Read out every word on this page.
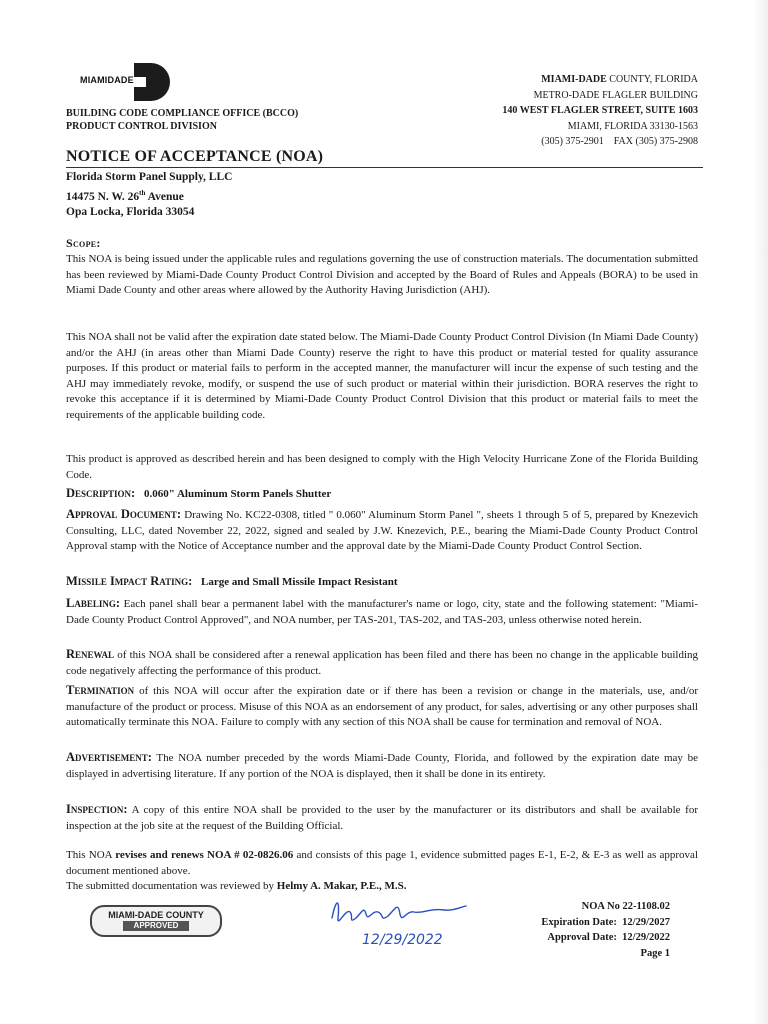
MIAMIDADE
BUILDING CODE COMPLIANCE OFFICE (BCCO)
PRODUCT CONTROL DIVISION
MIAMI-DADE COUNTY, FLORIDA
METRO-DADE FLAGLER BUILDING
140 WEST FLAGLER STREET, SUITE 1603
MIAMI, FLORIDA 33130-1563
(305) 375-2901    FAX (305) 375-2908
NOTICE OF ACCEPTANCE (NOA)
Florida Storm Panel Supply, LLC
14475 N. W. 26th Avenue
Opa Locka, Florida 33054
Scope:
This NOA is being issued under the applicable rules and regulations governing the use of construction materials. The documentation submitted has been reviewed by Miami-Dade County Product Control Division and accepted by the Board of Rules and Appeals (BORA) to be used in Miami Dade County and other areas where allowed by the Authority Having Jurisdiction (AHJ).
This NOA shall not be valid after the expiration date stated below. The Miami-Dade County Product Control Division (In Miami Dade County) and/or the AHJ (in areas other than Miami Dade County) reserve the right to have this product or material tested for quality assurance purposes. If this product or material fails to perform in the accepted manner, the manufacturer will incur the expense of such testing and the AHJ may immediately revoke, modify, or suspend the use of such product or material within their jurisdiction. BORA reserves the right to revoke this acceptance if it is determined by Miami-Dade County Product Control Division that this product or material fails to meet the requirements of the applicable building code.
This product is approved as described herein and has been designed to comply with the High Velocity Hurricane Zone of the Florida Building Code.
Description: 0.060" Aluminum Storm Panels Shutter
Approval Document: Drawing No. KC22-0308, titled " 0.060" Aluminum Storm Panel ", sheets 1 through 5 of 5, prepared by Knezevich Consulting, LLC, dated November 22, 2022, signed and sealed by J.W. Knezevich, P.E., bearing the Miami-Dade County Product Control Approval stamp with the Notice of Acceptance number and the approval date by the Miami-Dade County Product Control Section.
Missile Impact Rating: Large and Small Missile Impact Resistant
Labeling: Each panel shall bear a permanent label with the manufacturer's name or logo, city, state and the following statement: "Miami-Dade County Product Control Approved", and NOA number, per TAS-201, TAS-202, and TAS-203, unless otherwise noted herein.
Renewal of this NOA shall be considered after a renewal application has been filed and there has been no change in the applicable building code negatively affecting the performance of this product.
Termination of this NOA will occur after the expiration date or if there has been a revision or change in the materials, use, and/or manufacture of the product or process. Misuse of this NOA as an endorsement of any product, for sales, advertising or any other purposes shall automatically terminate this NOA. Failure to comply with any section of this NOA shall be cause for termination and removal of NOA.
Advertisement: The NOA number preceded by the words Miami-Dade County, Florida, and followed by the expiration date may be displayed in advertising literature. If any portion of the NOA is displayed, then it shall be done in its entirety.
Inspection: A copy of this entire NOA shall be provided to the user by the manufacturer or its distributors and shall be available for inspection at the job site at the request of the Building Official.
This NOA revises and renews NOA # 02-0826.06 and consists of this page 1, evidence submitted pages E-1, E-2, & E-3 as well as approval document mentioned above.
The submitted documentation was reviewed by Helmy A. Makar, P.E., M.S.
MIAMI-DADE COUNTY
APPROVED
12/29/2022
NOA No 22-1108.02
Expiration Date:  12/29/2027
Approval Date:  12/29/2022
Page 1
